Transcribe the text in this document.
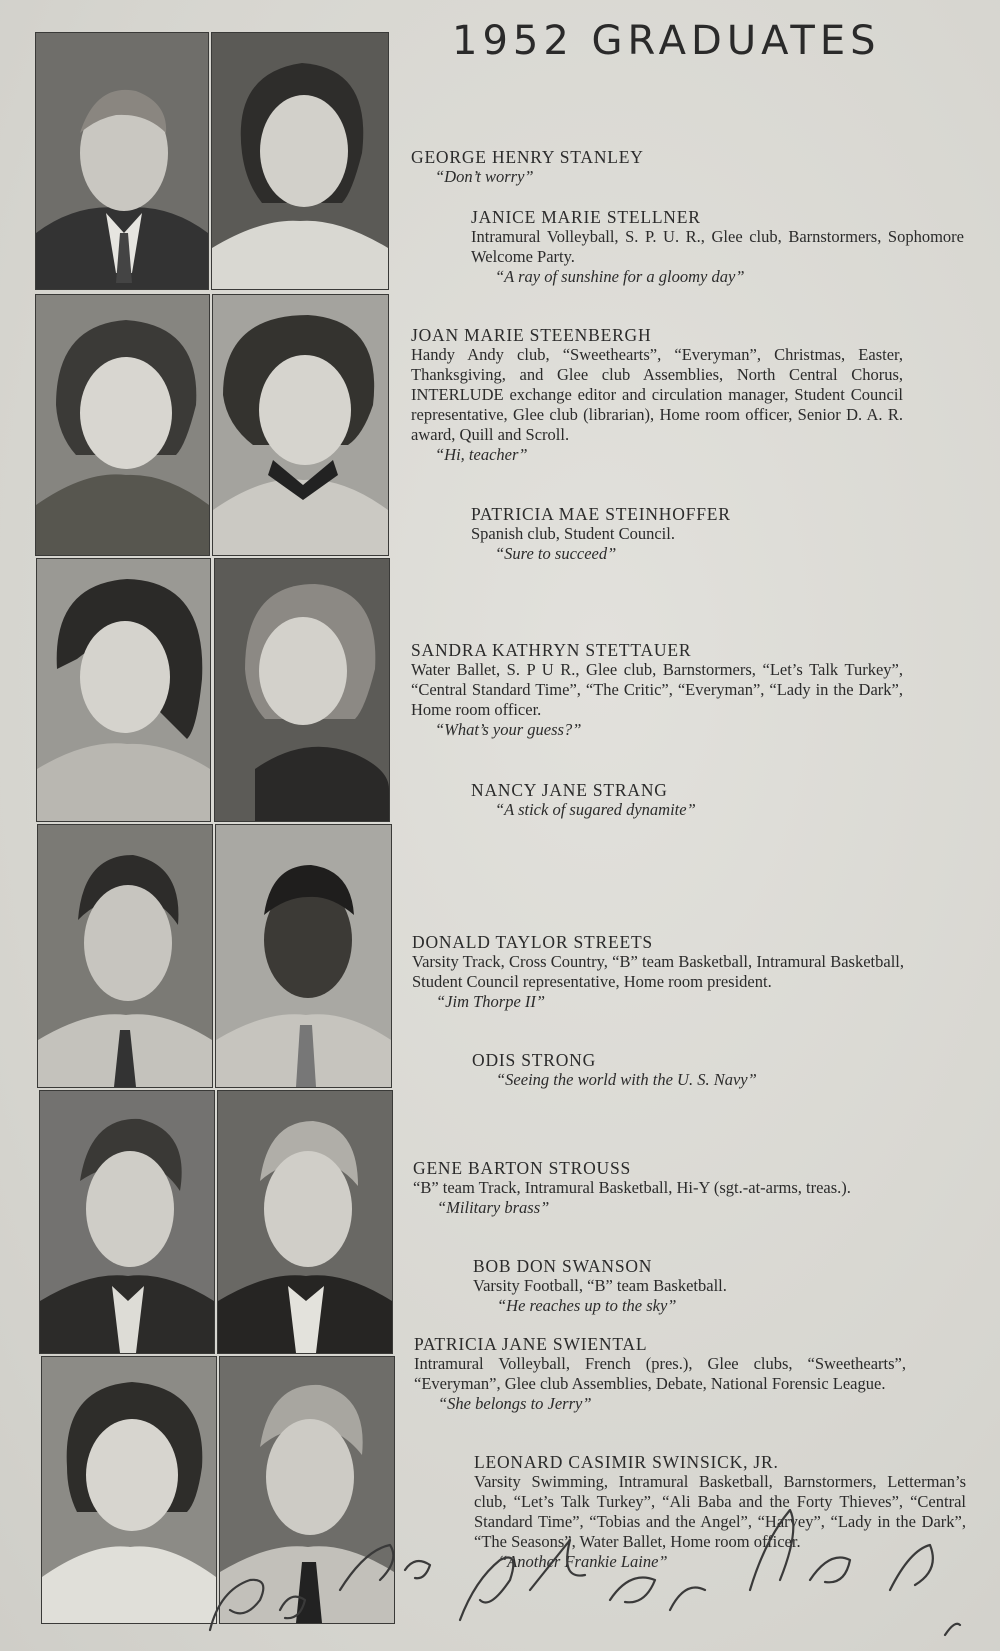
1952 GRADUATES
GEORGE HENRY STANLEY
“Don’t worry”
JANICE MARIE STELLNER
Intramural Volleyball, S. P. U. R., Glee club, Barnstormers, Sophomore Welcome Party.
“A ray of sunshine for a gloomy day”
JOAN MARIE STEENBERGH
Handy Andy club, “Sweethearts”, “Everyman”, Christmas, Easter, Thanksgiving, and Glee club Assemblies, North Central Chorus, INTERLUDE exchange editor and circulation manager, Student Council representative, Glee club (librarian), Home room officer, Senior D. A. R. award, Quill and Scroll.
“Hi, teacher”
PATRICIA MAE STEINHOFFER
Spanish club, Student Council.
“Sure to succeed”
SANDRA KATHRYN STETTAUER
Water Ballet, S. P U R., Glee club, Barnstormers, “Let’s Talk Turkey”, “Central Standard Time”, “The Critic”, “Everyman”, “Lady in the Dark”, Home room officer.
“What’s your guess?”
NANCY JANE STRANG
“A stick of sugared dynamite”
DONALD TAYLOR STREETS
Varsity Track, Cross Country, “B” team Basketball, Intramural Basketball, Student Council representative, Home room president.
“Jim Thorpe II”
ODIS STRONG
“Seeing the world with the U. S. Navy”
GENE BARTON STROUSS
“B” team Track, Intramural Basketball, Hi-Y (sgt.-at-arms, treas.).
“Military brass”
BOB DON SWANSON
Varsity Football, “B” team Basketball.
“He reaches up to the sky”
PATRICIA JANE SWIENTAL
Intramural Volleyball, French (pres.), Glee clubs, “Sweethearts”, “Everyman”, Glee club Assemblies, Debate, National Forensic League.
“She belongs to Jerry”
LEONARD CASIMIR SWINSICK, JR.
Varsity Swimming, Intramural Basketball, Barnstormers, Letterman’s club, “Let’s Talk Turkey”, “Ali Baba and the Forty Thieves”, “Central Standard Time”, “Tobias and the Angel”, “Harvey”, “Lady in the Dark”, “The Seasons”, Water Ballet, Home room officer.
“Another Frankie Laine”
